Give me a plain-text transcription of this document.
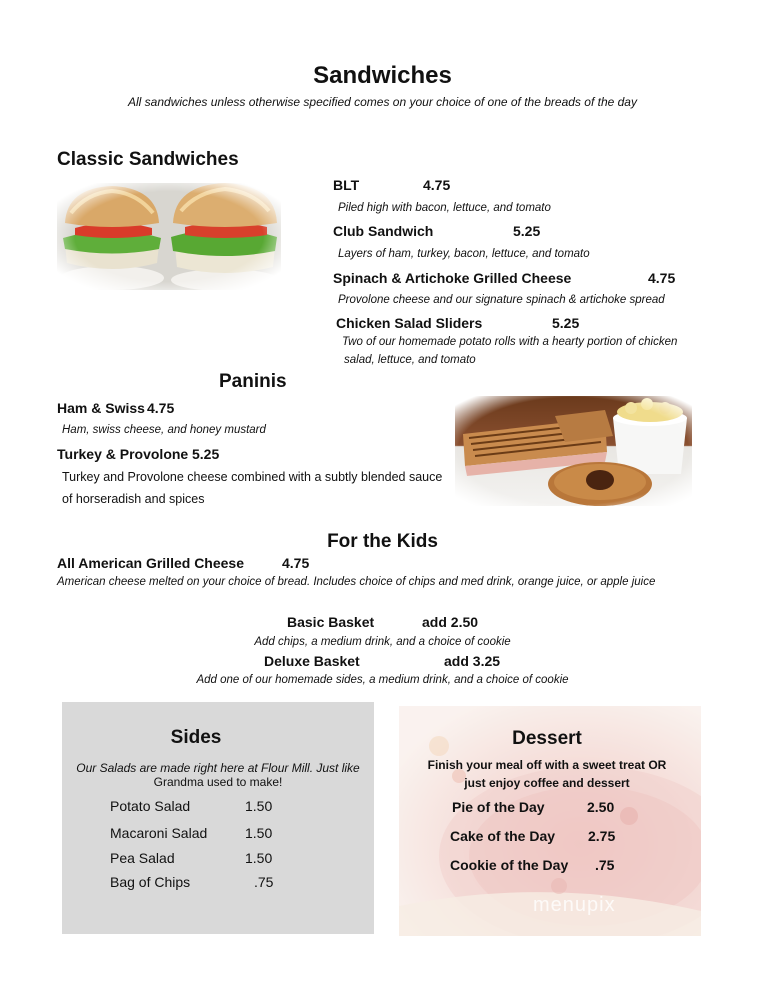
Sandwiches
All sandwiches unless otherwise specified comes on your choice of one of the breads of the day
Classic Sandwiches
BLT	4.75
Piled high with bacon, lettuce, and tomato
Club Sandwich	5.25
Layers of ham, turkey, bacon, lettuce, and tomato
Spinach & Artichoke Grilled Cheese	4.75
Provolone cheese and our signature spinach & artichoke spread
Chicken Salad Sliders	5.25
Two of our homemade potato rolls with a hearty portion of chicken
salad, lettuce, and tomato
Paninis
Ham & Swiss 4.75
Ham, swiss cheese, and honey mustard
Turkey & Provolone 5.25
Turkey and Provolone cheese combined with a subtly blended sauce
of horseradish and spices
For the Kids
All American Grilled Cheese	4.75
American cheese melted on your choice of bread. Includes choice of chips and med drink, orange juice, or apple juice
Basic Basket	add 2.50
Add chips, a medium drink, and a choice of cookie
Deluxe Basket	add 3.25
Add one of our homemade sides, a medium drink, and a choice of cookie
Sides
Our Salads are made right here at Flour Mill. Just like
Grandma used to make!
Potato Salad	1.50
Macaroni Salad	1.50
Pea Salad	1.50
Bag of Chips	.75
Dessert
Finish your meal off with a sweet treat OR
just enjoy coffee and dessert
Pie of the Day	2.50
Cake of the Day 2.75
Cookie of the Day .75
menupix
